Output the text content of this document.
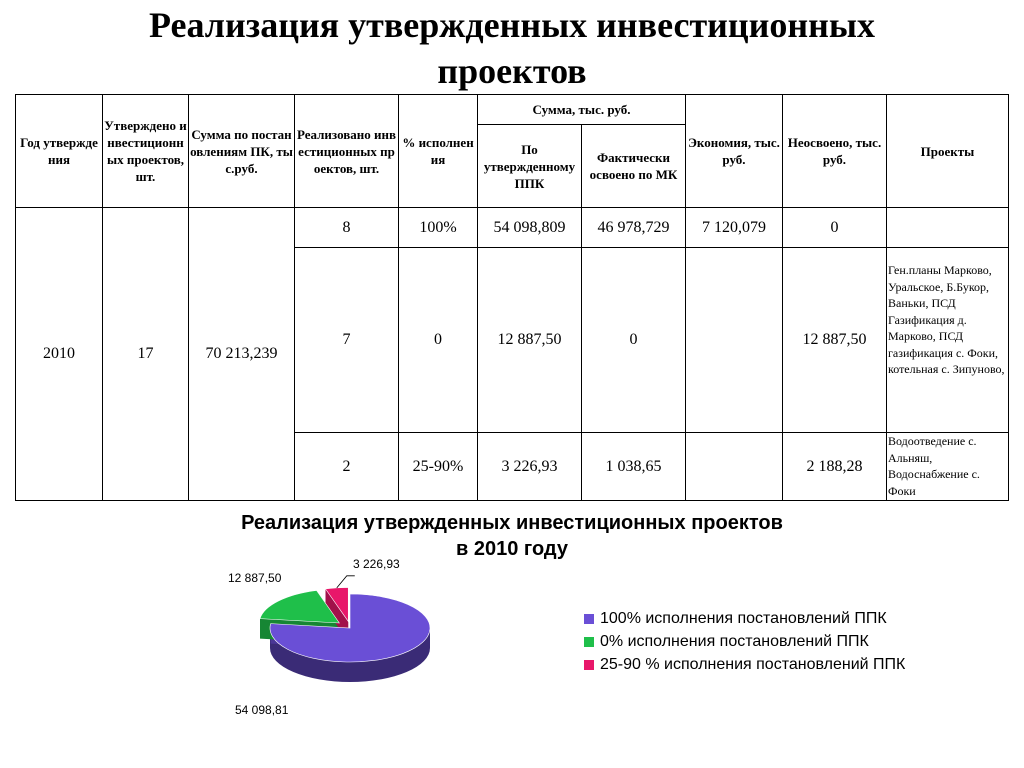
Реализация утвержденных инвестиционных
проектов
Год утверждения	Утверждено инвестиционных проектов, шт.	Сумма по постановлениям ПК, тыс.руб.	Реализовано инвестиционных проектов, шт.	% исполнения	Сумма, тыс. руб.		Экономия, тыс. руб.	Неосвоено, тыс. руб.	Проекты
					По утвержденному ППК	Фактически освоено по МК			
2010	17	70 213,239	8	100%	54 098,809	46 978,729	7 120,079	0	
			7	0	12 887,50	0		12 887,50	Ген.планы Марково, Уральское, Б.Букор, Ваньки, ПСД Газификация д. Марково, ПСД газификация с. Фоки, котельная с. Зипуново,
			2	25-90%	3 226,93	1 038,65		2 188,28	Водоотведение с. Альняш, Водоснабжение с. Фоки
Реализация утвержденных инвестиционных проектов
в 2010 году
12 887,50
3 226,93
54 098,81
100% исполнения постановлений ППК
0% исполнения постановлений ППК
25-90 % исполнения постановлений ППК
